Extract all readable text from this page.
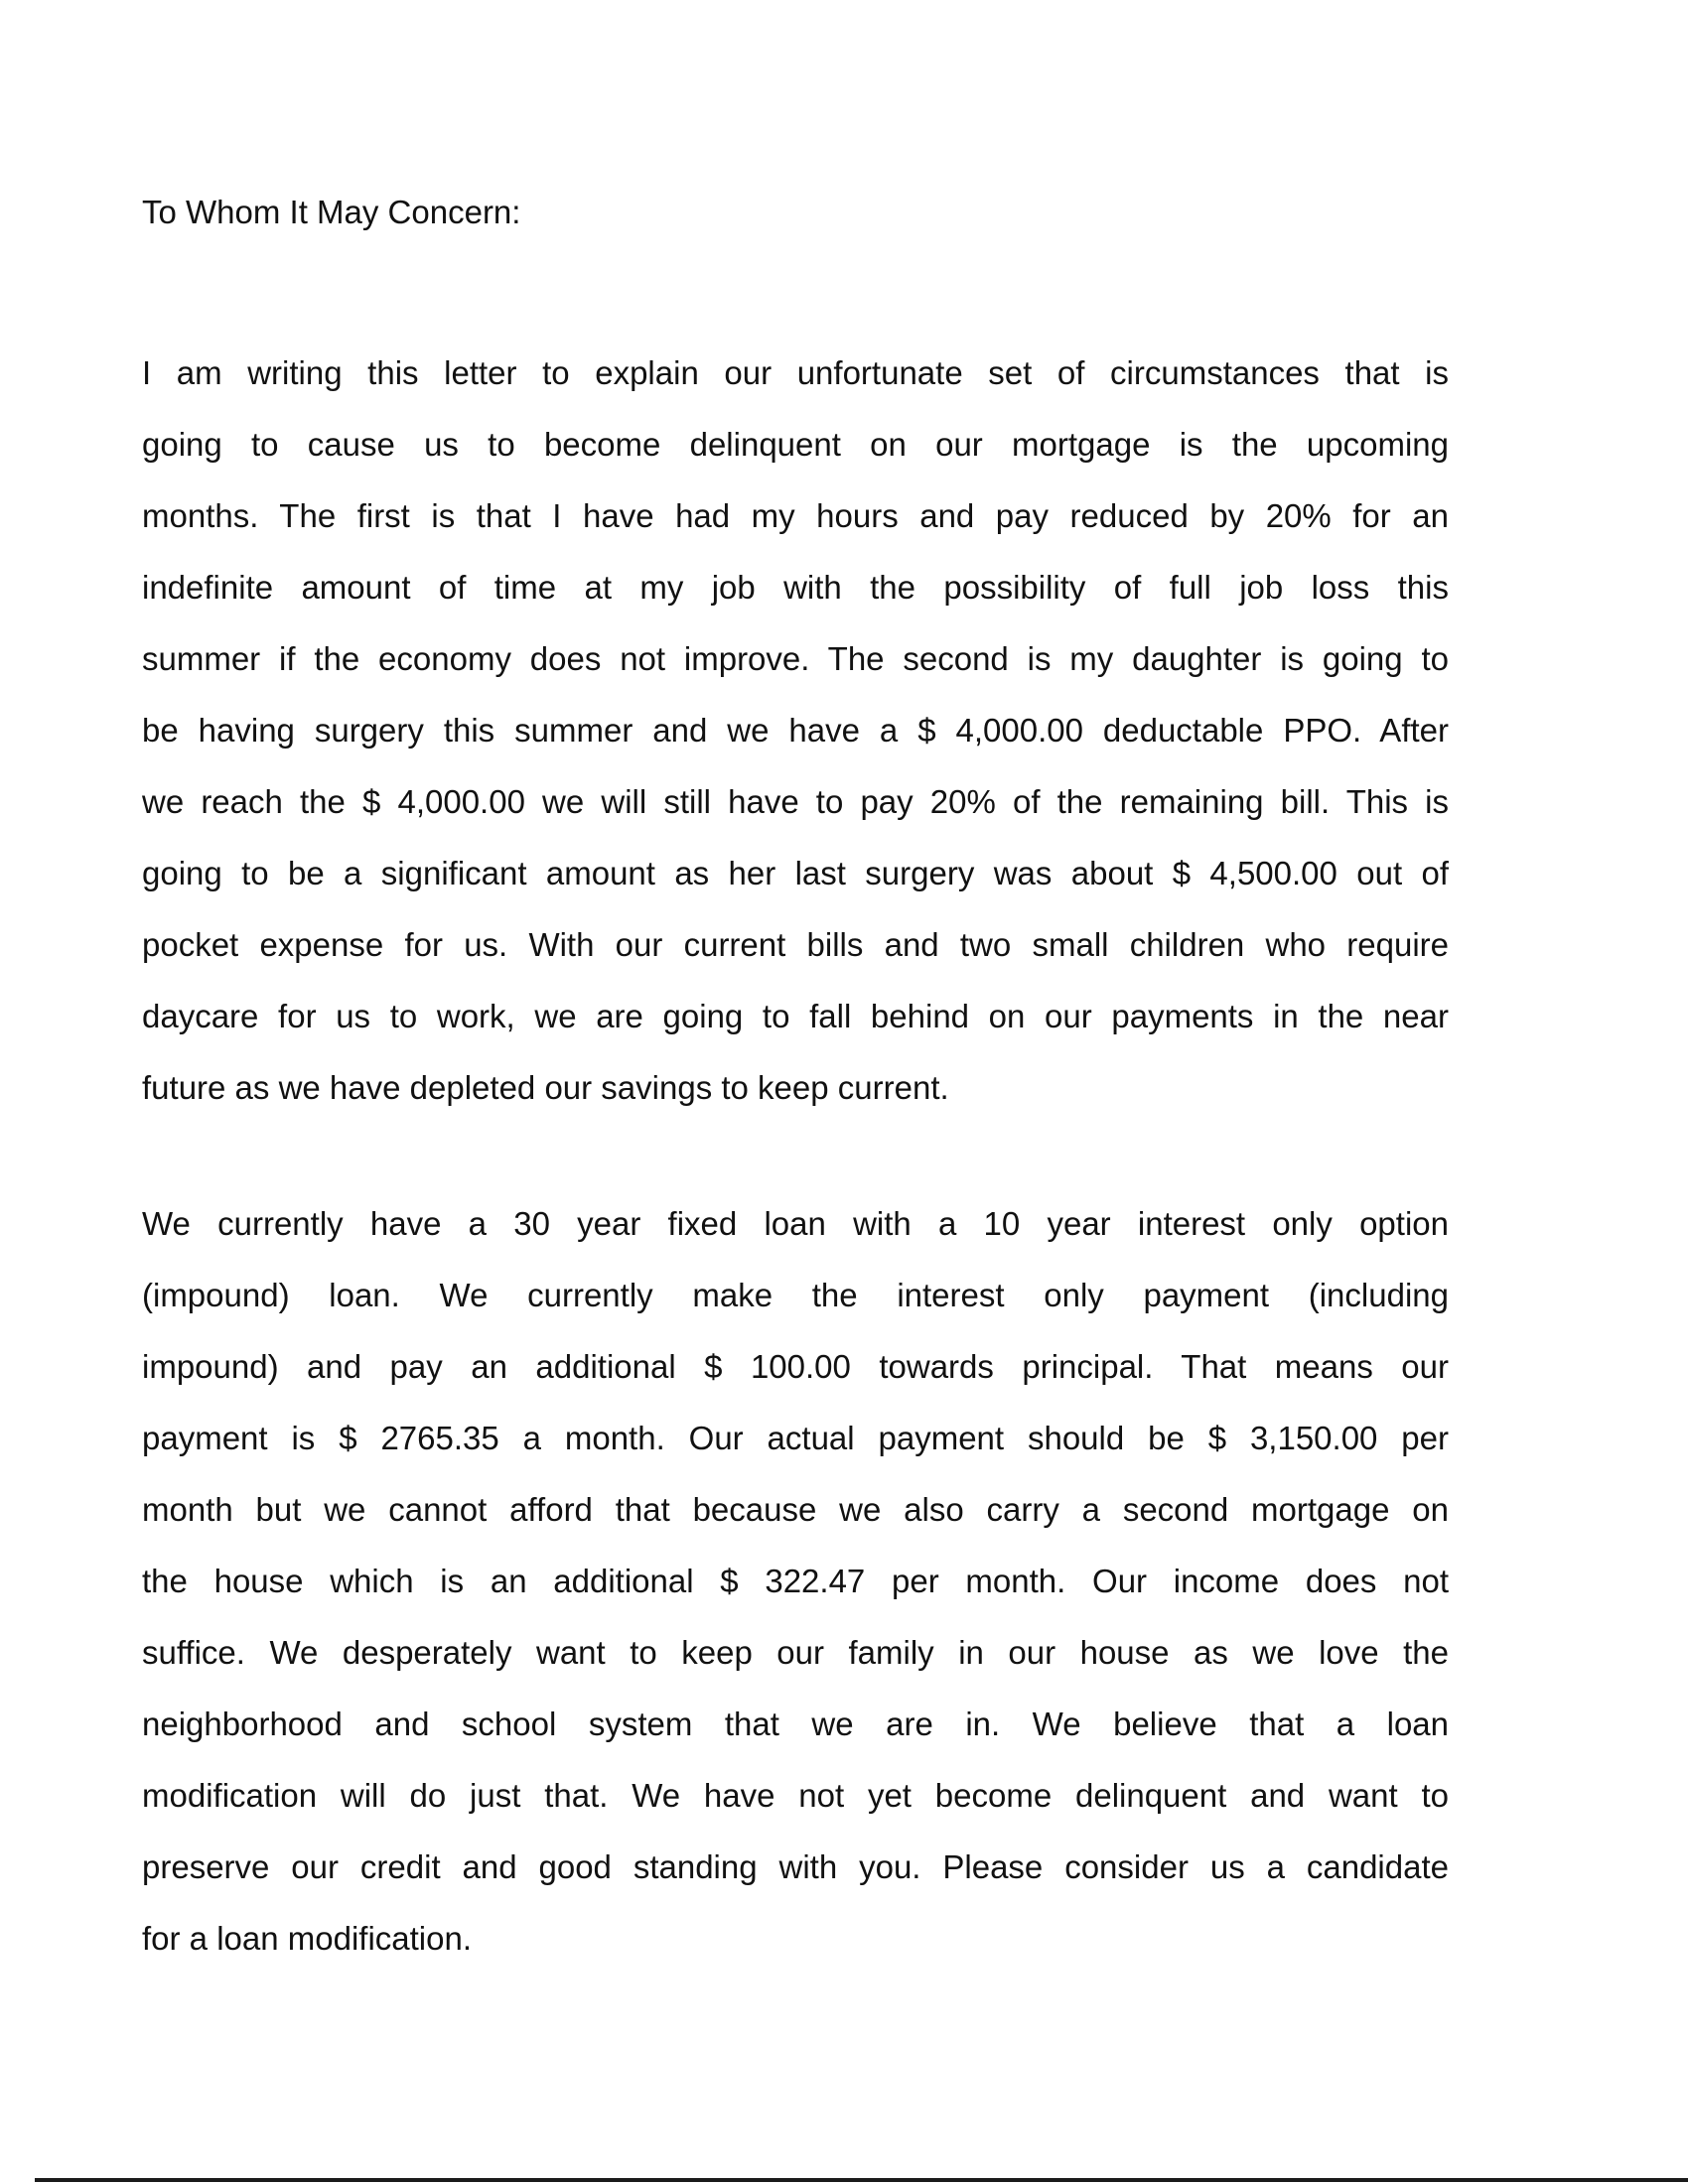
To Whom It May Concern:
I am writing this letter to explain our unfortunate set of circumstances that is
going to cause us to become delinquent on our mortgage is the upcoming
months. The first is that I have had my hours and pay reduced by 20% for an
indefinite amount of time at my job with the possibility of full job loss this
summer if the economy does not improve. The second is my daughter is going to
be having surgery this summer and we have a $ 4,000.00 deductable PPO. After
we reach the $ 4,000.00 we will still have to pay 20% of the remaining bill. This is
going to be a significant amount as her last surgery was about $ 4,500.00 out of
pocket expense for us. With our current bills and two small children who require
daycare for us to work, we are going to fall behind on our payments in the near
future as we have depleted our savings to keep current.
We currently have a 30 year fixed loan with a 10 year interest only option
(impound) loan. We currently make the interest only payment (including
impound) and pay an additional $ 100.00 towards principal. That means our
payment is $ 2765.35 a month. Our actual payment should be $ 3,150.00 per
month but we cannot afford that because we also carry a second mortgage on
the house which is an additional $ 322.47 per month. Our income does not
suffice. We desperately want to keep our family in our house as we love the
neighborhood and school system that we are in. We believe that a loan
modification will do just that. We have not yet become delinquent and want to
preserve our credit and good standing with you. Please consider us a candidate
for a loan modification.
